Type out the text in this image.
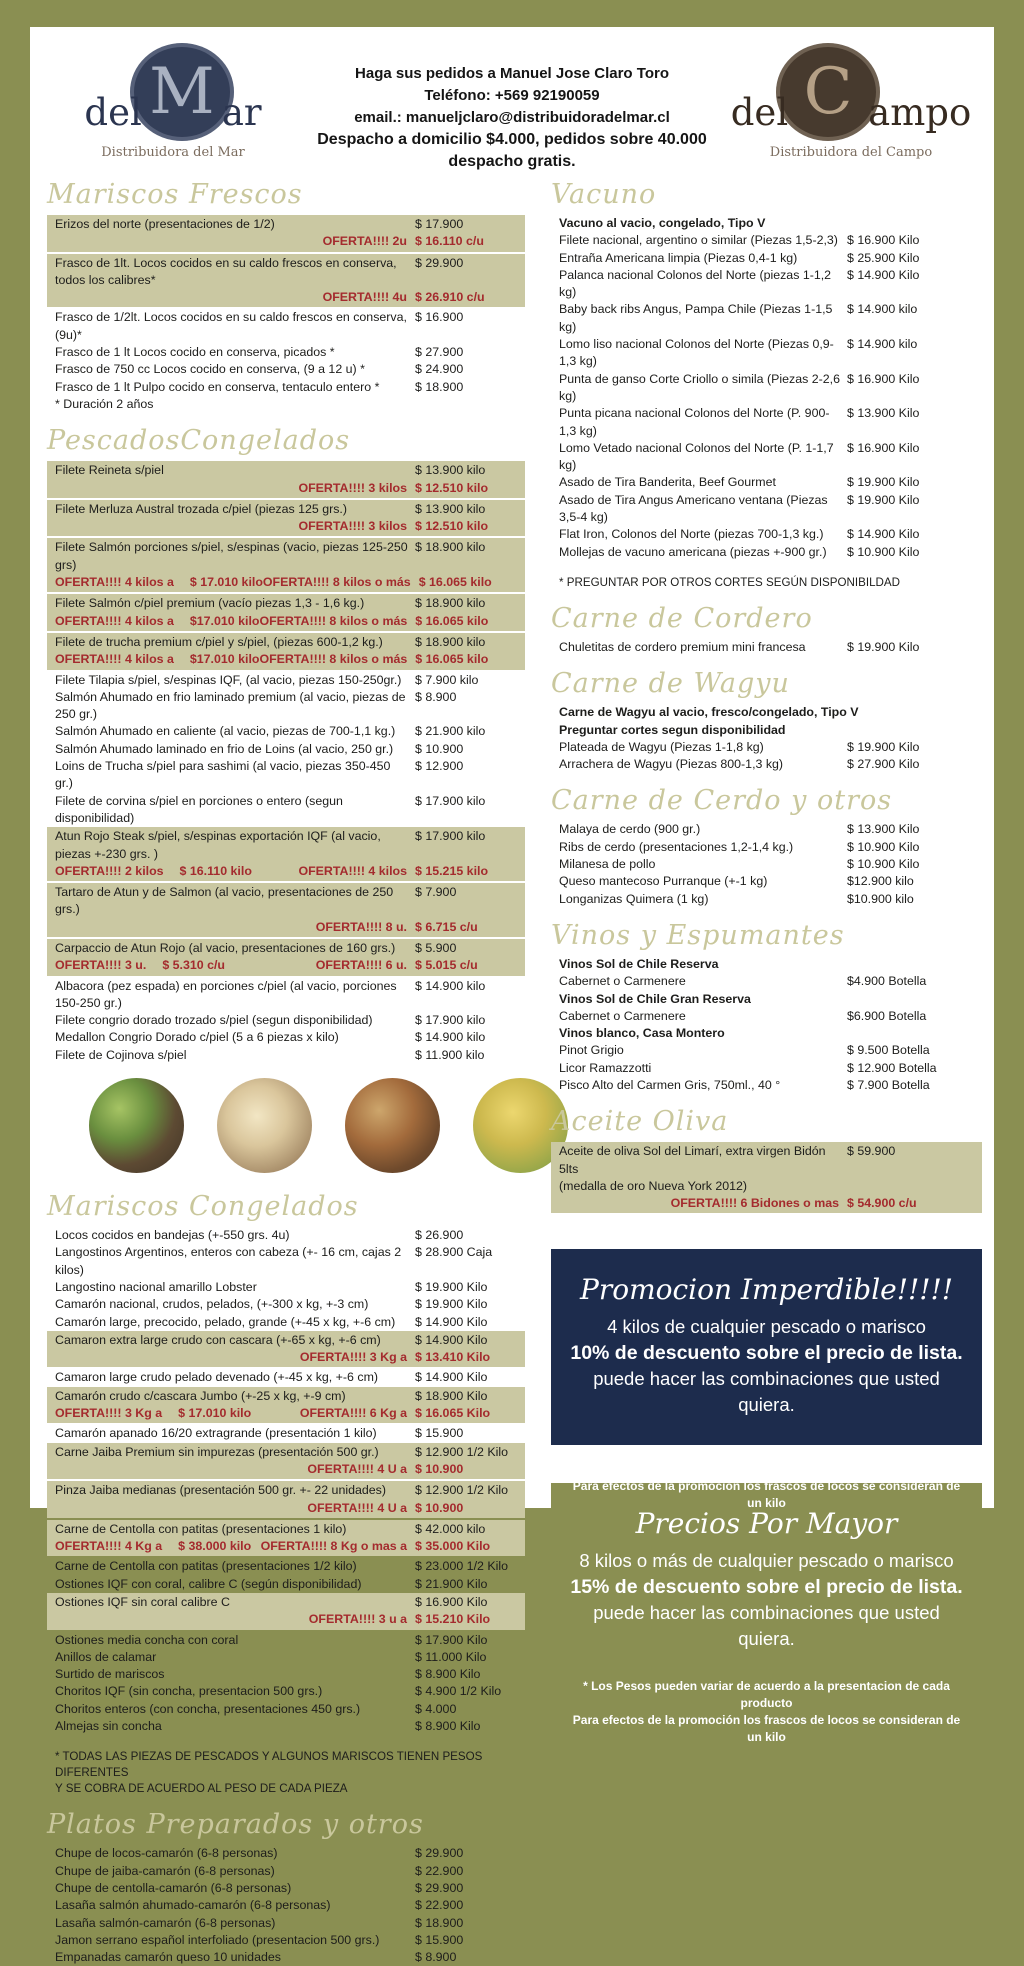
del M ar
Distribuidora del Mar
Haga sus pedidos a Manuel Jose Claro Toro
Teléfono: +569 92190059
email.: manueljclaro@distribuidoradelmar.cl
Despacho a domicilio $4.000, pedidos sobre 40.000 despacho gratis.
del C ampo
Distribuidora del Campo
Mariscos Frescos
Erizos del norte (presentaciones de 1/2)	$ 17.900
OFERTA!!!! 2u $ 16.110 c/u
Frasco de 1lt. Locos cocidos en su caldo frescos en conserva, todos los calibres*
$ 29.900
OFERTA!!!! 4u $ 26.910 c/u
Frasco de 1/2lt. Locos cocidos en su caldo frescos en conserva, (9u)*
$ 16.900
Frasco de 1 lt Locos cocido en conserva, picados *	$ 27.900
Frasco de 750 cc Locos cocido en conserva, (9 a 12 u) *	$ 24.900
Frasco de 1 lt Pulpo cocido en conserva, tentaculo entero *	$ 18.900
* Duración 2 años
PescadosCongelados
Filete Reineta s/piel	$ 13.900 kilo
OFERTA!!!! 3 kilos $ 12.510 kilo
Filete Merluza Austral trozada c/piel (piezas 125 grs.)	$ 13.900 kilo
OFERTA!!!! 3 kilos $ 12.510 kilo
Filete Salmón porciones s/piel, s/espinas (vacio, piezas 125-250 grs)
$ 18.900 kilo
OFERTA!!!! 4 kilos a $ 17.010 kilo OFERTA!!!! 8 kilos o más $ 16.065 kilo
Filete Salmón c/piel premium (vacío piezas 1,3 - 1,6 kg.)	$ 18.900 kilo
OFERTA!!!! 4 kilos a $17.010 kilo OFERTA!!!! 8 kilos o más $ 16.065 kilo
Filete de trucha premium c/piel y s/piel, (piezas 600-1,2 kg.)	$ 18.900 kilo
OFERTA!!!! 4 kilos a $17.010 kilo OFERTA!!!! 8 kilos o más $ 16.065 kilo
Filete Tilapia s/piel, s/espinas IQF, (al vacio, piezas 150-250gr.)	$ 7.900 kilo
Salmón Ahumado en frio laminado premium (al vacio, piezas de 250 gr.)
$ 8.900
Salmón Ahumado en caliente (al vacio, piezas de 700-1,1 kg.)	$ 21.900 kilo
Salmón Ahumado laminado en frio de Loins (al vacio, 250 gr.)	$ 10.900
Loins de Trucha s/piel para sashimi (al vacio, piezas 350-450 gr.)
$ 12.900
Filete de corvina s/piel en porciones o entero (segun disponibilidad)
$ 17.900 kilo
Atun Rojo Steak s/piel, s/espinas exportación IQF (al vacio, piezas +-230 grs. )
$ 17.900 kilo
OFERTA!!!! 2 kilos $ 16.110 kilo	OFERTA!!!! 4 kilos $ 15.215 kilo
Tartaro de Atun y de Salmon (al vacio, presentaciones de 250 grs.)
$ 7.900
OFERTA!!!! 8 u. $ 6.715 c/u
Carpaccio de Atun Rojo (al vacio, presentaciones de 160 grs.)	$ 5.900
OFERTA!!!! 3 u. $ 5.310 c/u	OFERTA!!!! 6 u. $ 5.015 c/u
Albacora (pez espada) en porciones c/piel (al vacio, porciones 150-250 gr.)
$ 14.900 kilo
Filete congrio dorado trozado s/piel (segun disponibilidad)	$ 17.900 kilo
Medallon Congrio Dorado c/piel (5 a 6 piezas x kilo)	$ 14.900 kilo
Filete de Cojinova s/piel	$ 11.900 kilo
Mariscos Congelados
Locos cocidos en bandejas (+-550 grs. 4u)	$ 26.900
Langostinos Argentinos, enteros con cabeza (+- 16 cm, cajas 2 kilos)
$ 28.900 Caja
Langostino nacional amarillo Lobster	$ 19.900 Kilo
Camarón nacional, crudos, pelados, (+-300 x kg, +-3 cm)	$ 19.900 Kilo
Camarón large, precocido, pelado, grande (+-45 x kg, +-6 cm)	$ 14.900 Kilo
Camaron extra large crudo con cascara (+-65 x kg, +-6 cm)	$ 14.900 Kilo
OFERTA!!!! 3 Kg a $ 13.410 Kilo
Camaron large crudo pelado devenado (+-45 x kg, +-6 cm)	$ 14.900 Kilo
Camarón crudo c/cascara Jumbo (+-25 x kg, +-9 cm)	$ 18.900 Kilo
OFERTA!!!! 3 Kg a $ 17.010 kilo	OFERTA!!!! 6 Kg a $ 16.065 Kilo
Camarón apanado 16/20 extragrande (presentación 1 kilo)	$ 15.900
Carne Jaiba Premium sin impurezas (presentación 500 gr.)	$ 12.900 1/2 Kilo
OFERTA!!!! 4 U a $ 10.900
Pinza Jaiba medianas (presentación 500 gr. +- 22 unidades)	$ 12.900 1/2 Kilo
OFERTA!!!! 4 U a $ 10.900
Carne de Centolla con patitas (presentaciones 1 kilo)	$ 42.000 kilo
OFERTA!!!! 4 Kg a $ 38.000 kilo OFERTA!!!! 8 Kg o mas a $ 35.000 Kilo
Carne de Centolla con patitas (presentaciones 1/2 kilo)	$ 23.000 1/2 Kilo
Ostiones IQF con coral, calibre C (según disponibilidad)	$ 21.900 Kilo
Ostiones IQF sin coral calibre C	$ 16.900 Kilo
OFERTA!!!! 3 u a $ 15.210 Kilo
Ostiones media concha con coral	$ 17.900 Kilo
Anillos de calamar	$ 11.000 Kilo
Surtido de mariscos	$ 8.900 Kilo
Choritos IQF (sin concha, presentacion 500 grs.)	$ 4.900 1/2 Kilo
Choritos enteros (con concha, presentaciones 450 grs.)	$ 4.000
Almejas sin concha	$ 8.900 Kilo
* TODAS LAS PIEZAS DE PESCADOS Y ALGUNOS MARISCOS TIENEN PESOS DIFERENTES
Y SE COBRA DE ACUERDO AL PESO DE CADA PIEZA
Platos Preparados y otros
Chupe de locos-camarón (6-8 personas)	$ 29.900
Chupe de jaiba-camarón (6-8 personas)	$ 22.900
Chupe de centolla-camarón (6-8 personas)	$ 29.900
Lasaña salmón ahumado-camarón (6-8 personas)	$ 22.900
Lasaña salmón-camarón (6-8 personas)	$ 18.900
Jamon serrano español interfoliado (presentacion 500 grs.)	$ 15.900
Empanadas camarón queso 10 unidades	$ 8.900
Vacuno
Vacuno al vacio, congelado, Tipo V
Filete nacional, argentino o similar (Piezas 1,5-2,3) $ 16.900 Kilo
Entraña Americana limpia (Piezas 0,4-1 kg)	$ 25.900 Kilo
Palanca nacional Colonos del Norte (piezas 1-1,2 kg)
$ 14.900 Kilo
Baby back ribs Angus, Pampa Chile (Piezas 1-1,5 kg)
$ 14.900 kilo
Lomo liso nacional Colonos del Norte (Piezas 0,9-1,3 kg)
$ 14.900 kilo
Punta de ganso Corte Criollo o simila (Piezas 2-2,6 kg)
$ 16.900 Kilo
Punta picana nacional Colonos del Norte (P. 900-1,3 kg)
$ 13.900 Kilo
Lomo Vetado nacional Colonos del Norte (P. 1-1,7 kg)
$ 16.900 Kilo
Asado de Tira Banderita, Beef Gourmet	$ 19.900 Kilo
Asado de Tira Angus Americano ventana (Piezas 3,5-4 kg)
$ 19.900 Kilo
Flat Iron, Colonos del Norte (piezas 700-1,3 kg.)	$ 14.900 Kilo
Mollejas de vacuno americana (piezas +-900 gr.)	$ 10.900 Kilo
* PREGUNTAR POR OTROS CORTES SEGÚN DISPONIBILDAD
Carne de Cordero
Chuletitas de cordero premium mini francesa	$ 19.900 Kilo
Carne de Wagyu
Carne de Wagyu al vacio, fresco/congelado, Tipo V
Preguntar cortes segun disponibilidad
Plateada de Wagyu (Piezas 1-1,8 kg)	$ 19.900 Kilo
Arrachera de Wagyu (Piezas 800-1,3 kg)	$ 27.900 Kilo
Carne de Cerdo y otros
Malaya de cerdo (900 gr.)	$ 13.900 Kilo
Ribs de cerdo (presentaciones 1,2-1,4 kg.)	$ 10.900 Kilo
Milanesa de pollo	$ 10.900 Kilo
Queso mantecoso Purranque (+-1 kg)	$12.900 kilo
Longanizas Quimera (1 kg)	$10.900 kilo
Vinos y Espumantes
Vinos Sol de Chile Reserva
Cabernet o Carmenere	$4.900 Botella
Vinos Sol de Chile Gran Reserva
Cabernet o Carmenere	$6.900 Botella
Vinos blanco, Casa Montero
Pinot Grigio	$ 9.500 Botella
Licor Ramazzotti	$ 12.900 Botella
Pisco Alto del Carmen Gris, 750ml., 40 °	$ 7.900 Botella
Aceite Oliva
Aceite de oliva Sol del Limarí, extra virgen Bidón 5lts
$ 59.900
(medalla de oro Nueva York 2012)
OFERTA!!!! 6 Bidones o mas $ 54.900 c/u
Promocion Imperdible!!!!!
4 kilos de cualquier pescado o marisco
10% de descuento sobre el precio de lista.
puede hacer las combinaciones que usted quiera.
* Los Pesos pueden variar de acuerdo a la presentacion de cada producto
Para efectos de la promoción los frascos de locos se consideran de un kilo
Precios Por Mayor
8 kilos o más de cualquier pescado o marisco
15% de descuento sobre el precio de lista.
puede hacer las combinaciones que usted quiera.
* Los Pesos pueden variar de acuerdo a la presentacion de cada producto
Para efectos de la promoción los frascos de locos se consideran de un kilo
